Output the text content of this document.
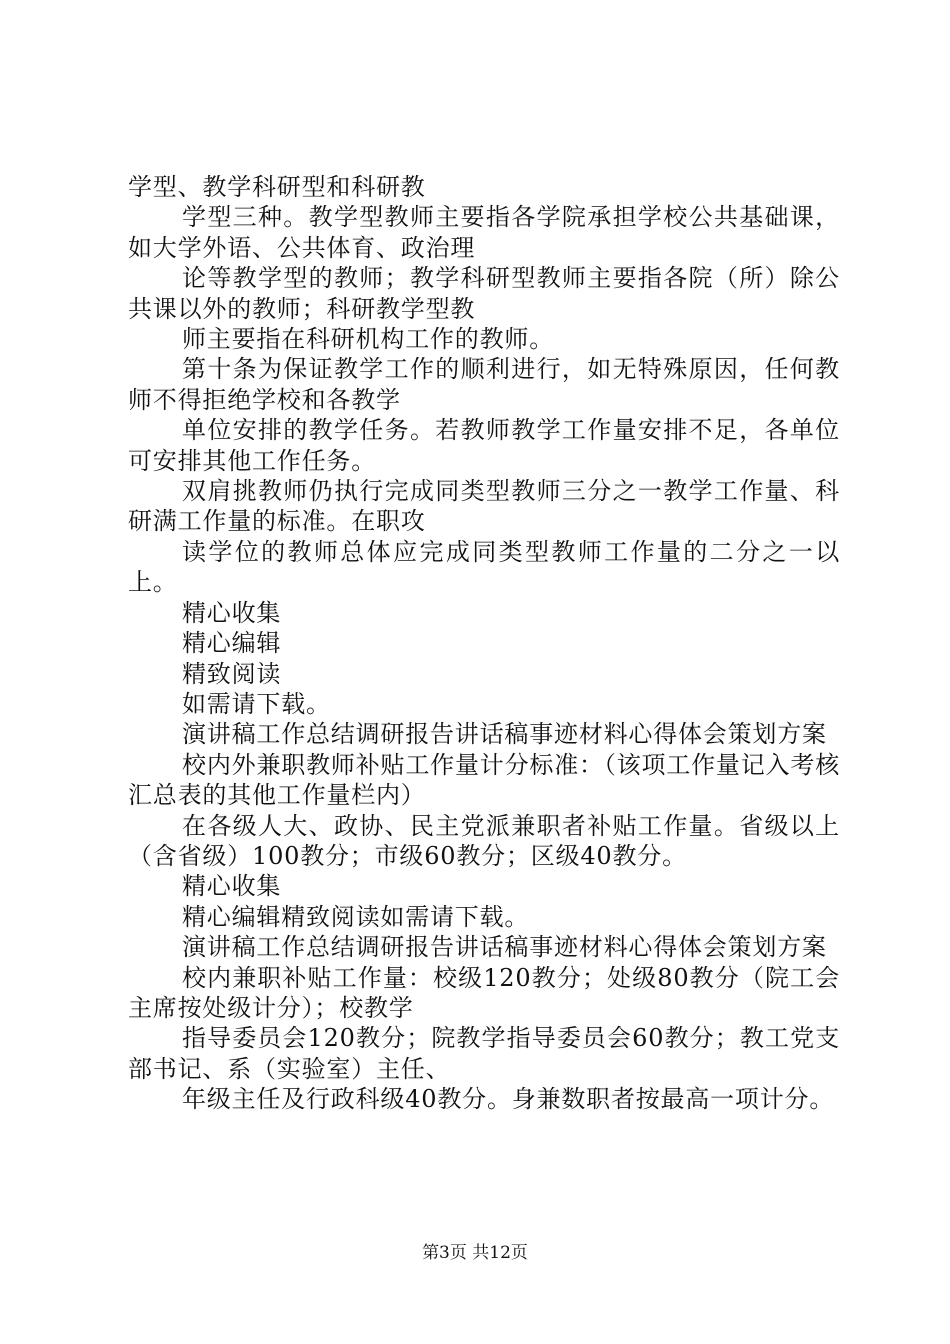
学型、教学科研型和科研教

学型三种。教学型教师主要指各学院承担学校公共基础课，如大学外语、公共体育、政治理

论等教学型的教师；教学科研型教师主要指各院（所）除公共课以外的教师；科研教学型教

师主要指在科研机构工作的教师。

第十条为保证教学工作的顺利进行，如无特殊原因，任何教师不得拒绝学校和各教学

单位安排的教学任务。若教师教学工作量安排不足，各单位可安排其他工作任务。

双肩挑教师仍执行完成同类型教师三分之一教学工作量、科研满工作量的标准。在职攻

读学位的教师总体应完成同类型教师工作量的二分之一以上。

精心收集

精心编辑

精致阅读

如需请下载。

演讲稿工作总结调研报告讲话稿事迹材料心得体会策划方案

校内外兼职教师补贴工作量计分标准：（该项工作量记入考核汇总表的其他工作量栏内）

在各级人大、政协、民主党派兼职者补贴工作量。省级以上（含省级）100教分；市级60教分；区级40教分。

精心收集

精心编辑精致阅读如需请下载。

演讲稿工作总结调研报告讲话稿事迹材料心得体会策划方案

校内兼职补贴工作量：校级120教分；处级80教分（院工会主席按处级计分）；校教学

指导委员会120教分；院教学指导委员会60教分；教工党支部书记、系（实验室）主任、

年级主任及行政科级40教分。身兼数职者按最高一项计分。

第3页 共12页
